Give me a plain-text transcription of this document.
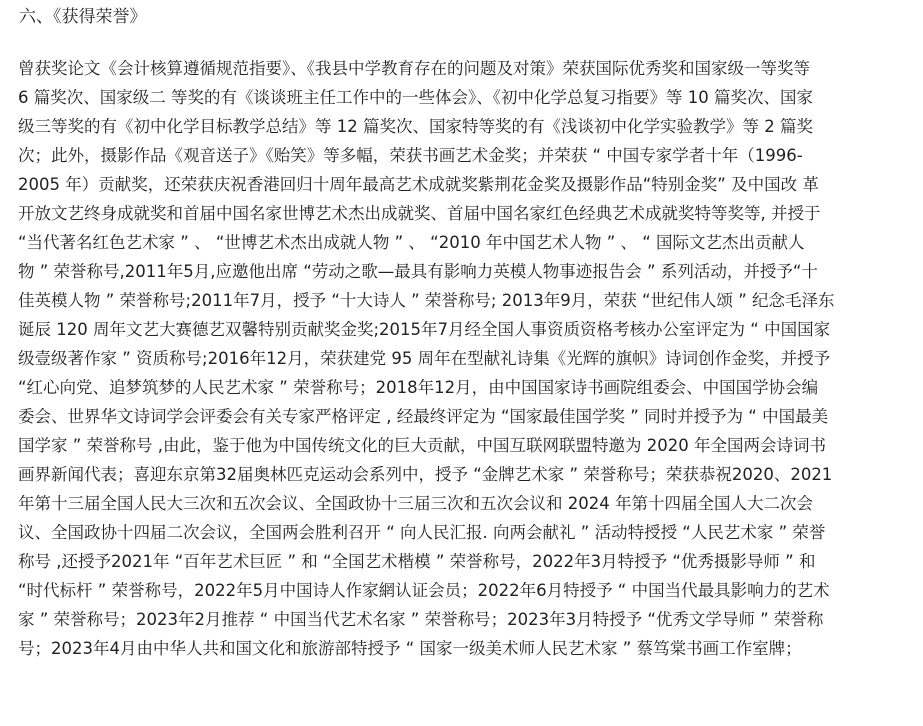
六、《获得荣誉》
曾获奖论文《会计核算遵循规范指要》、《我县中学教育存在的问题及对策》荣获国际优秀奖和国家级一等奖等
6 篇奖次、国家级二 等奖的有《谈谈班主任工作中的一些体会》、《初中化学总复习指要》等 10 篇奖次、国家
级三等奖的有《初中化学目标教学总结》等 12 篇奖次、国家特等奖的有《浅谈初中化学实验教学》等 2 篇奖
次；此外，摄影作品《观音送子》《贻笑》等多幅，荣获书画艺术金奖；并荣获 “ 中国专家学者十年（1996-
2005 年）贡献奖，还荣获庆祝香港回归十周年最高艺术成就奖紫荆花金奖及摄影作品“特别金奖” 及中国改 革
开放文艺终身成就奖和首届中国名家世博艺术杰出成就奖、首届中国名家红色经典艺术成就奖特等奖等, 并授于
“当代著名红色艺术家 ” 、 “世博艺术杰出成就人物 ” 、 “2010 年中国艺术人物 ” 、 “ 国际文艺杰出贡献人
物 ” 荣誉称号,2011年5月,应邀他出席 “劳动之歌—最具有影响力英模人物事迹报告会 ” 系列活动，并授予“十
佳英模人物 ” 荣誉称号;2011年7月，授予 “十大诗人 ” 荣誉称号; 2013年9月，荣获 “世纪伟人颂 ” 纪念毛泽东
诞辰 120 周年文艺大赛德艺双馨特别贡献奖金奖;2015年7月经全国人事资质资格考核办公室评定为 “ 中国国家
级壹级著作家 ” 资质称号;2016年12月，荣获建党 95 周年在型献礼诗集《光辉的旗帜》诗词创作金奖，并授予
“红心向党、追梦筑梦的人民艺术家 ” 荣誉称号；2018年12月，由中国国家诗书画院组委会、中国国学协会编
委会、世界华文诗词学会评委会有关专家严格评定 , 经最终评定为 “国家最佳国学奖 ” 同时并授予为 “ 中国最美
国学家 ” 荣誉称号 ,由此，鉴于他为中国传统文化的巨大贡献，中国互联网联盟特邀为 2020 年全国两会诗词书
画界新闻代表；喜迎东京第32届奥林匹克运动会系列中，授予 “金牌艺术家 ” 荣誉称号；荣获恭祝2020、2021
年第十三届全国人民大三次和五次会议、全国政协十三届三次和五次会议和 2024 年第十四届全国人大二次会
议、全国政协十四届二次会议，全国两会胜利召开 “ 向人民汇报. 向两会献礼 ” 活动特授授 “人民艺术家 ” 荣誉
称号 ,还授予2021年 “百年艺术巨匠 ” 和 “全国艺术楷模 ” 荣誉称号，2022年3月特授予 “优秀摄影导师 ” 和
“时代标杆 ” 荣誉称号，2022年5月中国诗人作家網认证会员；2022年6月特授予 “ 中国当代最具影响力的艺术
家 ” 荣誉称号；2023年2月推荐 “ 中国当代艺术名家 ” 荣誉称号；2023年3月特授予 “优秀文学导师 ” 荣誉称
号；2023年4月由中华人共和国文化和旅游部特授予 “ 国家一级美术师人民艺术家 ” 蔡笃棠书画工作室牌；
